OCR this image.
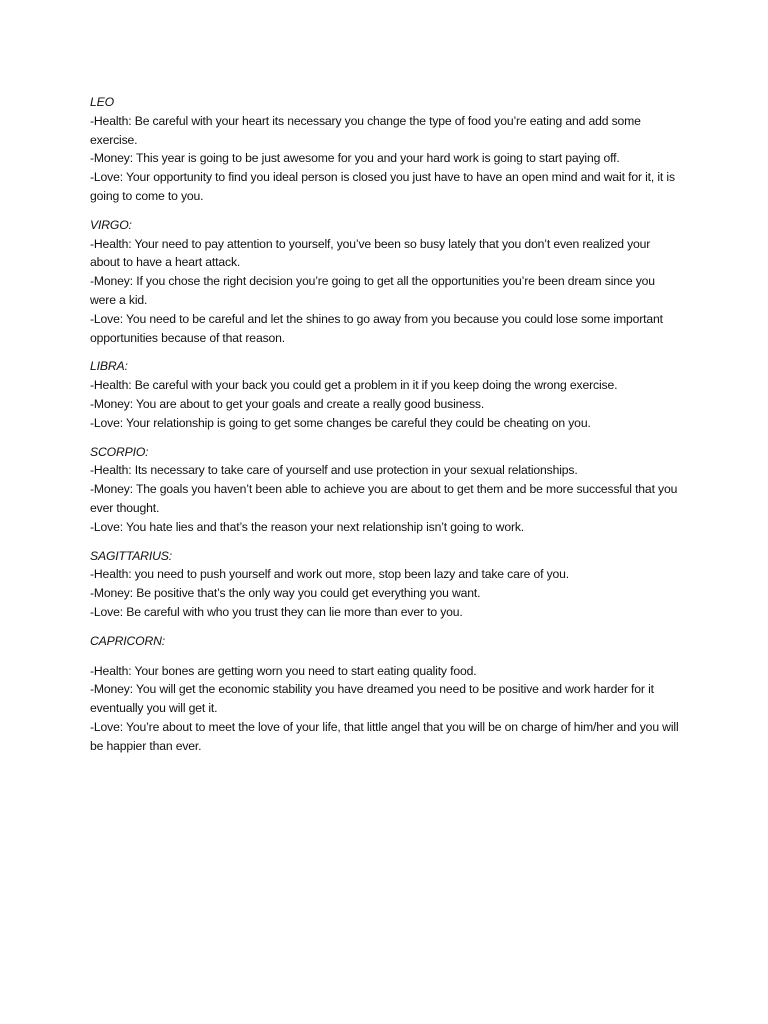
LEO

-Health: Be careful with your heart its necessary you change the type of food you’re eating and add some exercise.

-Money: This year is going to be just awesome for you and your hard work is going to start paying off.

-Love: Your opportunity to find you ideal person is closed you just have to have an open mind and wait for it, it is going to come to you.

VIRGO:

-Health: Your need to pay attention to yourself, you’ve been so busy lately that you don’t even realized your about to have a heart attack.

-Money: If you chose the right decision you’re going to get all the opportunities you’re been dream since you were a kid.

-Love: You need to be careful and let the shines to go away from you because you could lose some important opportunities because of that reason.

LIBRA:

-Health: Be careful with your back you could get a problem in it if you keep doing the wrong exercise.

-Money: You are about to get your goals and create a really good business.

-Love: Your relationship is going to get some changes be careful they could be cheating on you.

SCORPIO:

-Health: Its necessary to take care of yourself and use protection in your sexual relationships.

-Money: The goals you haven’t been able to achieve you are about to get them and be more successful that you ever thought.

-Love: You hate lies and that’s the reason your next relationship isn’t going to work.

SAGITTARIUS:

-Health: you need to push yourself and work out more, stop been lazy and take care of you.

-Money: Be positive that’s the only way you could get everything you want.

-Love: Be careful with who you trust they can lie more than ever to you.

CAPRICORN:

-Health: Your bones are getting worn you need to start eating quality food.

-Money: You will get the economic stability you have dreamed you need to be positive and work harder for it eventually you will get it.

-Love: You’re about to meet the love of your life, that little angel that you will be on charge of him/her and you will be happier than ever.
